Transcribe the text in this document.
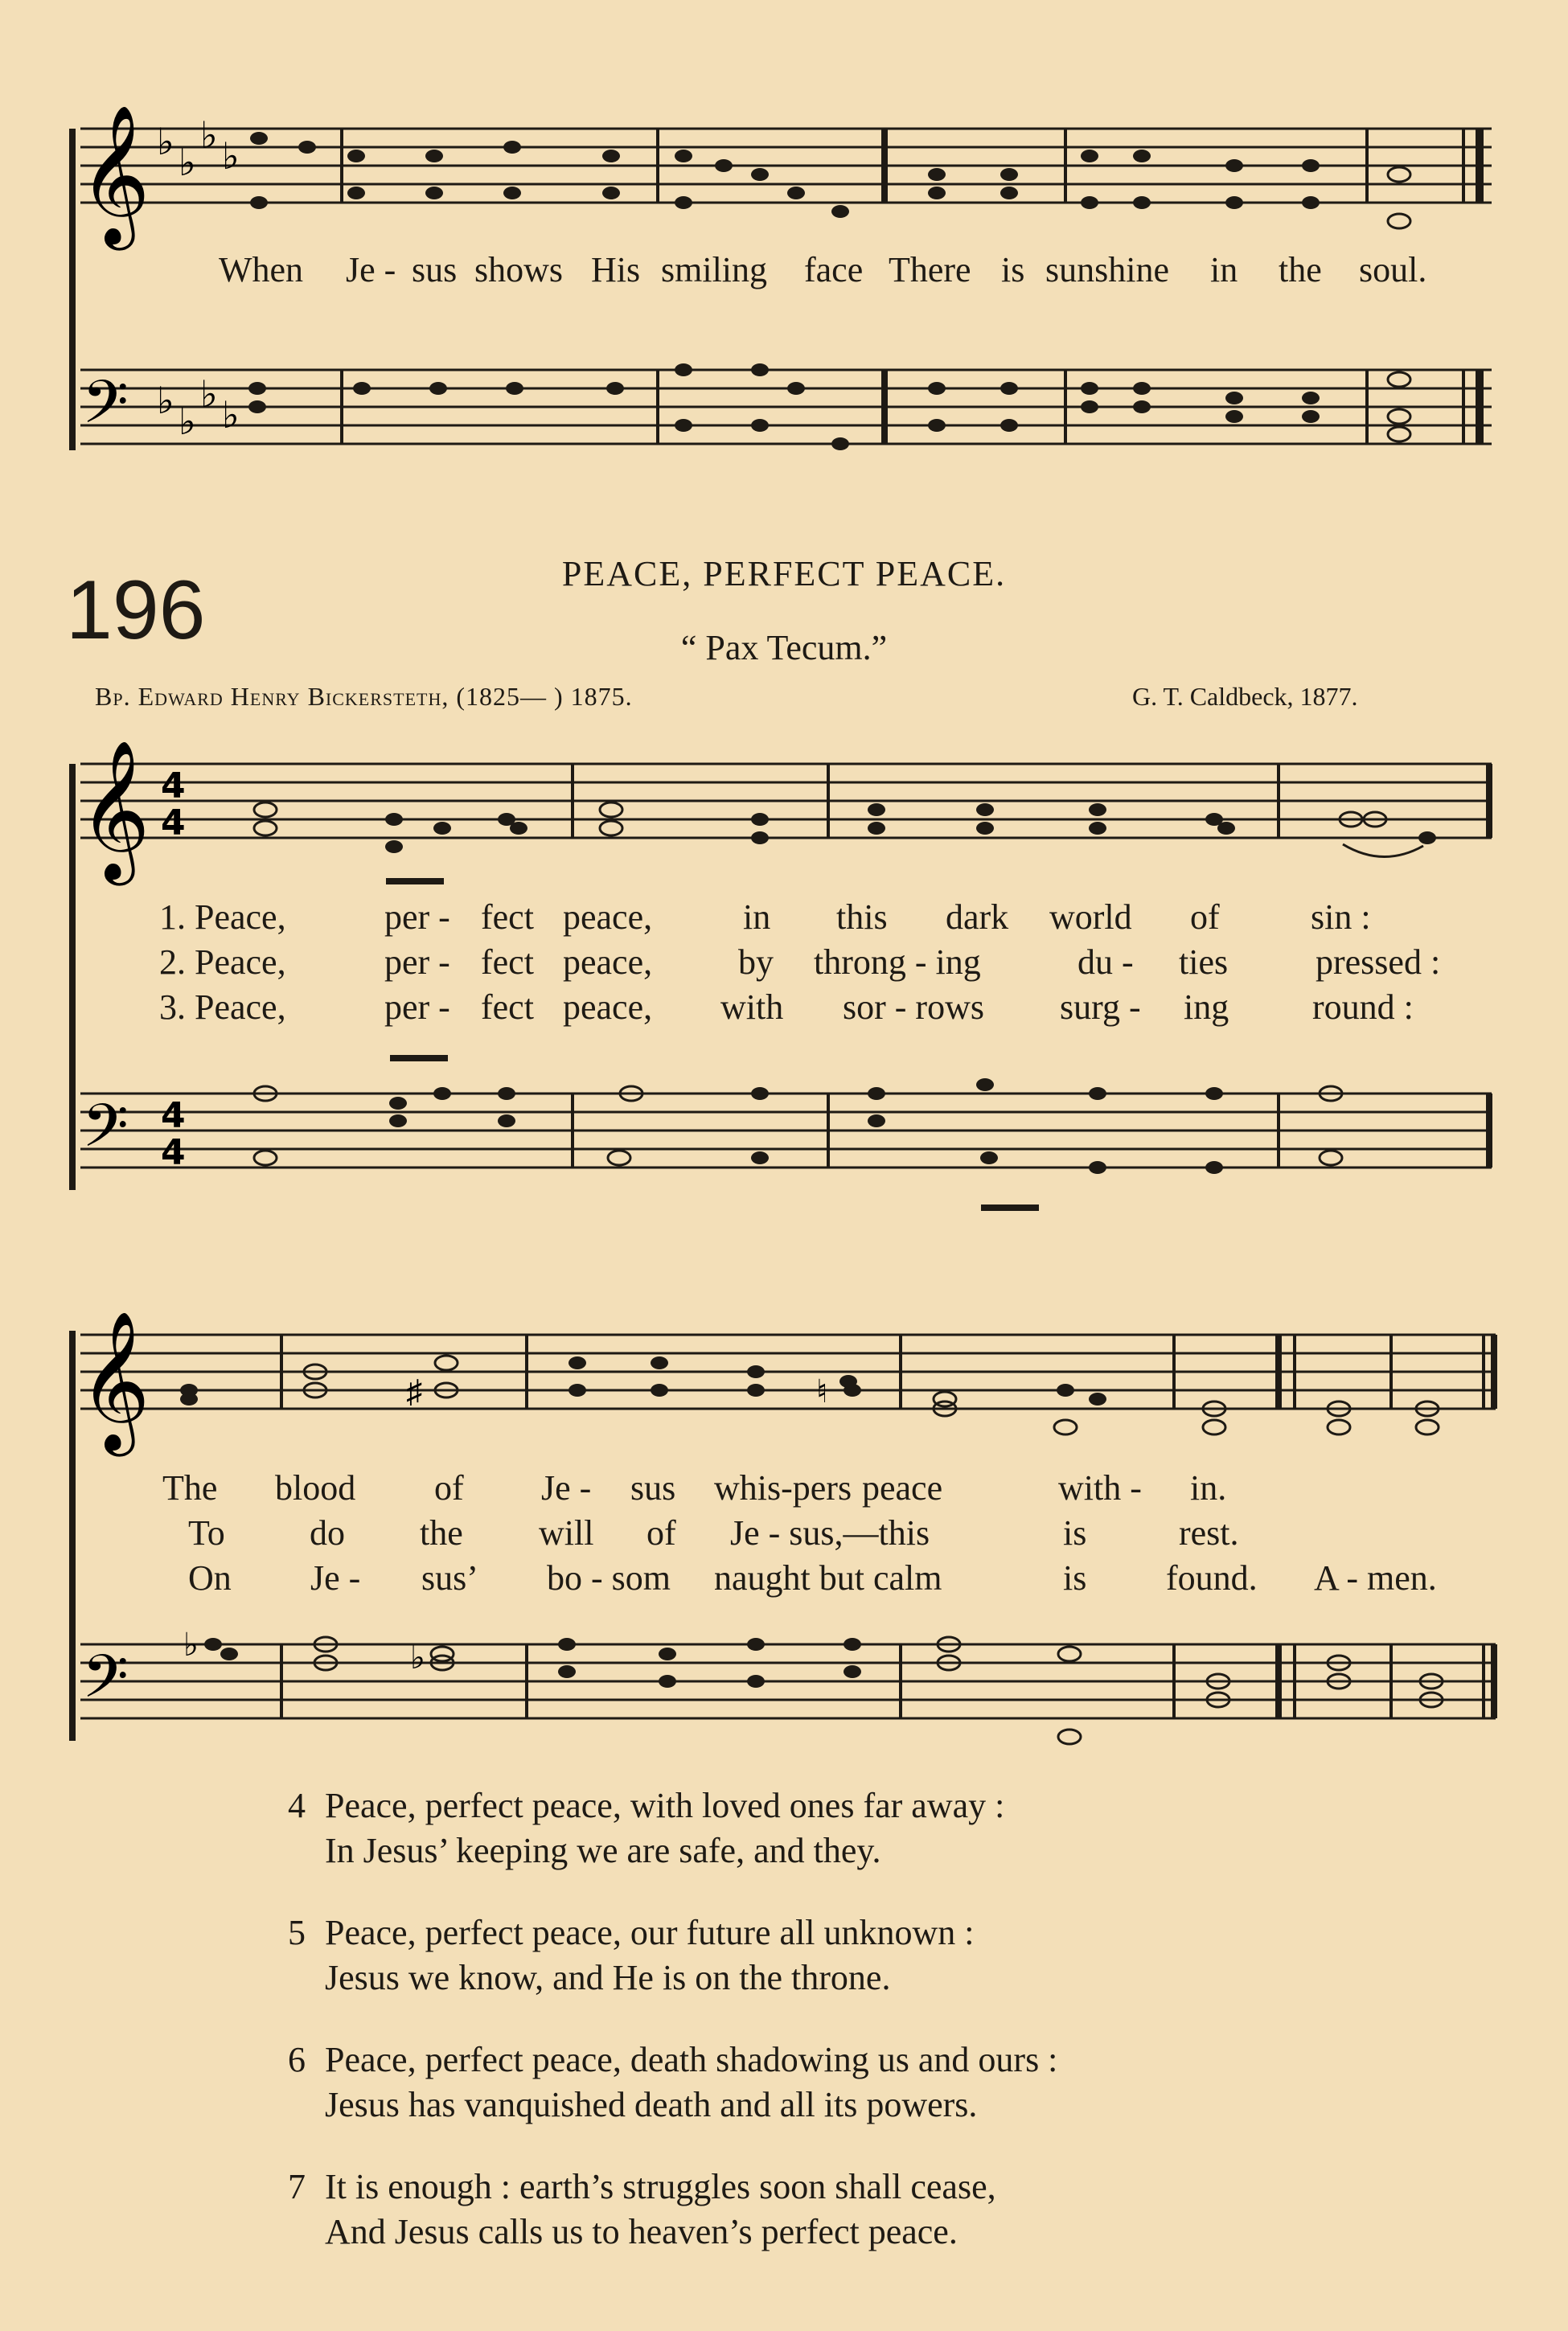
𝄞 ♭
♭
♭
♭
When Je - sus shows His smiling face There is sunshine in the soul.
𝄢 ♭
♭
♭
♭
196	PEACE, PERFECT PEACE.
“ Pax Tecum.”
Bp. Edward Henry Bickersteth, (1825— ) 1875.	G. T. Caldbeck, 1877.
𝄞 4
4
1. Peace,	per - fect peace,	in this dark world of	sin :
2. Peace,	per - fect peace, by throng - ing	du - ties pressed :
3. Peace,	per - fect peace, with sor - rows surg - ing round :
𝄢 4
4
𝄞	♯	♮
The blood of Je - sus whis-pers peace	with - in.
To do the will of Je - sus,—this	is	rest.
On Je - sus’ bo - som naught but calm	is found. A - men.
𝄢 ♭	♭
4 Peace, perfect peace, with loved ones far away :
In Jesus’ keeping we are safe, and they.
5 Peace, perfect peace, our future all unknown :
Jesus we know, and He is on the throne.
6 Peace, perfect peace, death shadowing us and ours :
Jesus has vanquished death and all its powers.
7 It is enough : earth’s struggles soon shall cease,
And Jesus calls us to heaven’s perfect peace.
